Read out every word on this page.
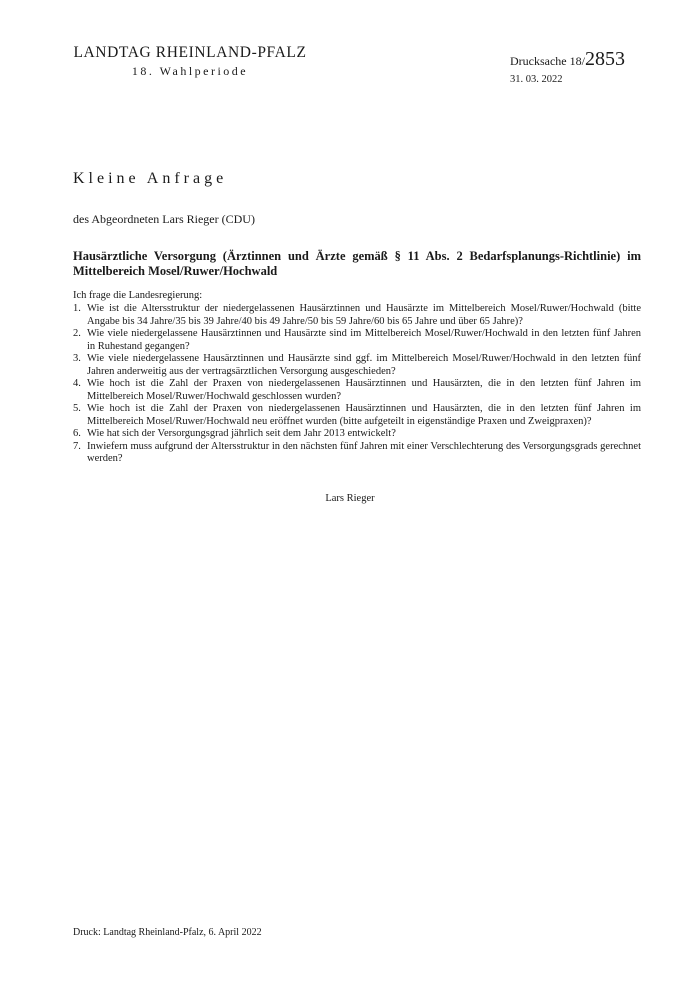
LANDTAG RHEINLAND-PFALZ
18. Wahlperiode
Drucksache 18/2853
31. 03. 2022
Kleine Anfrage
des Abgeordneten Lars Rieger (CDU)
Hausärztliche Versorgung (Ärztinnen und Ärzte gemäß § 11 Abs. 2 Bedarfsplanungs-Richtlinie) im Mittelbereich Mosel/Ruwer/Hochwald
Ich frage die Landesregierung:
1. Wie ist die Altersstruktur der niedergelassenen Hausärztinnen und Hausärzte im Mittelbereich Mosel/Ruwer/Hochwald (bitte Angabe bis 34 Jahre/35 bis 39 Jahre/40 bis 49 Jahre/50 bis 59 Jahre/60 bis 65 Jahre und über 65 Jahre)?
2. Wie viele niedergelassene Hausärztinnen und Hausärzte sind im Mittelbereich Mosel/Ruwer/Hochwald in den letzten fünf Jahren in Ruhestand gegangen?
3. Wie viele niedergelassene Hausärztinnen und Hausärzte sind ggf. im Mittelbereich Mosel/Ruwer/Hochwald in den letzten fünf Jahren anderweitig aus der vertragsärztlichen Versorgung ausgeschieden?
4. Wie hoch ist die Zahl der Praxen von niedergelassenen Hausärztinnen und Hausärzten, die in den letzten fünf Jahren im Mittelbereich Mosel/Ruwer/Hochwald geschlossen wurden?
5. Wie hoch ist die Zahl der Praxen von niedergelassenen Hausärztinnen und Hausärzten, die in den letzten fünf Jahren im Mittelbereich Mosel/Ruwer/Hochwald neu eröffnet wurden (bitte aufgeteilt in eigenständige Praxen und Zweigpraxen)?
6. Wie hat sich der Versorgungsgrad jährlich seit dem Jahr 2013 entwickelt?
7. Inwiefern muss aufgrund der Altersstruktur in den nächsten fünf Jahren mit einer Verschlechterung des Versorgungsgrads gerechnet werden?
Lars Rieger
Druck: Landtag Rheinland-Pfalz, 6. April 2022
